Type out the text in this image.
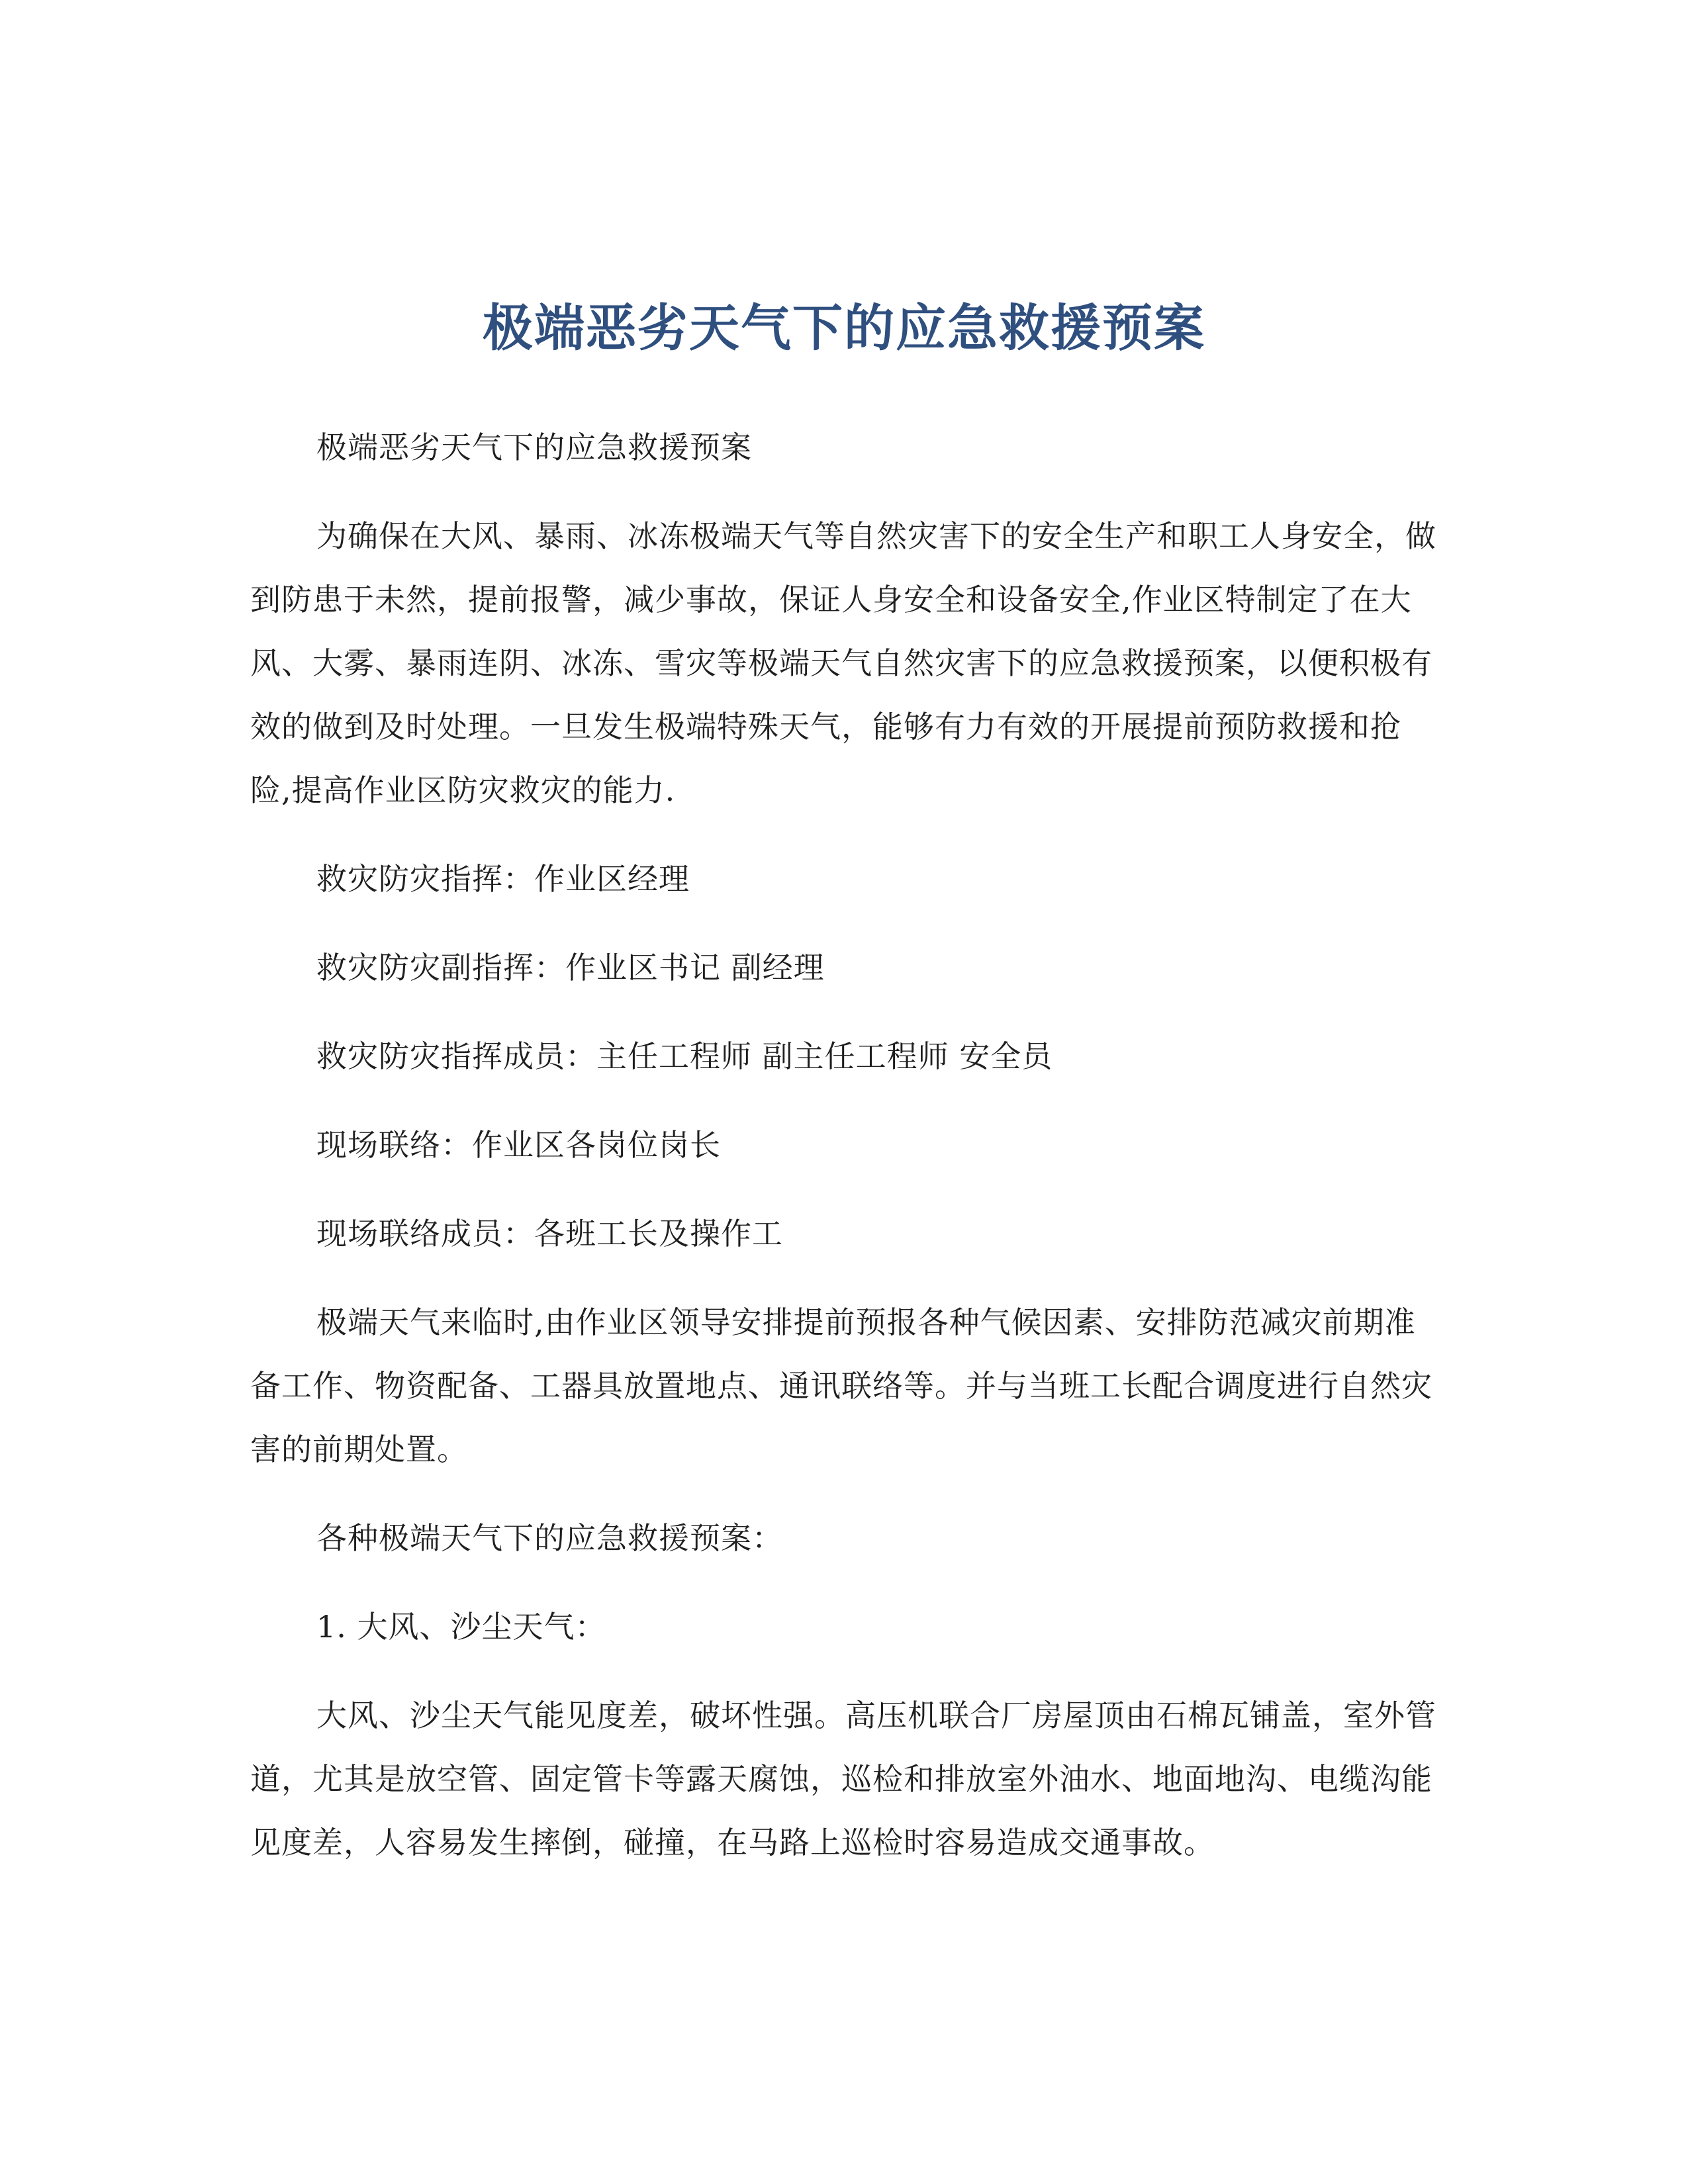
极端恶劣天气下的应急救援预案

极端恶劣天气下的应急救援预案

为确保在大风、暴雨、冰冻极端天气等自然灾害下的安全生产和职工人身安全，做到防患于未然，提前报警，减少事故，保证人身安全和设备安全,作业区特制定了在大风、大雾、暴雨连阴、冰冻、雪灾等极端天气自然灾害下的应急救援预案，以便积极有效的做到及时处理。一旦发生极端特殊天气，能够有力有效的开展提前预防救援和抢险,提高作业区防灾救灾的能力.

救灾防灾指挥：作业区经理

救灾防灾副指挥：作业区书记 副经理

救灾防灾指挥成员：主任工程师 副主任工程师 安全员

现场联络：作业区各岗位岗长

现场联络成员：各班工长及操作工

极端天气来临时,由作业区领导安排提前预报各种气候因素、安排防范减灾前期准备工作、物资配备、工器具放置地点、通讯联络等。并与当班工长配合调度进行自然灾害的前期处置。

各种极端天气下的应急救援预案：

1. 大风、沙尘天气：

大风、沙尘天气能见度差，破坏性强。高压机联合厂房屋顶由石棉瓦铺盖，室外管道，尤其是放空管、固定管卡等露天腐蚀，巡检和排放室外油水、地面地沟、电缆沟能见度差，人容易发生摔倒，碰撞，在马路上巡检时容易造成交通事故。
